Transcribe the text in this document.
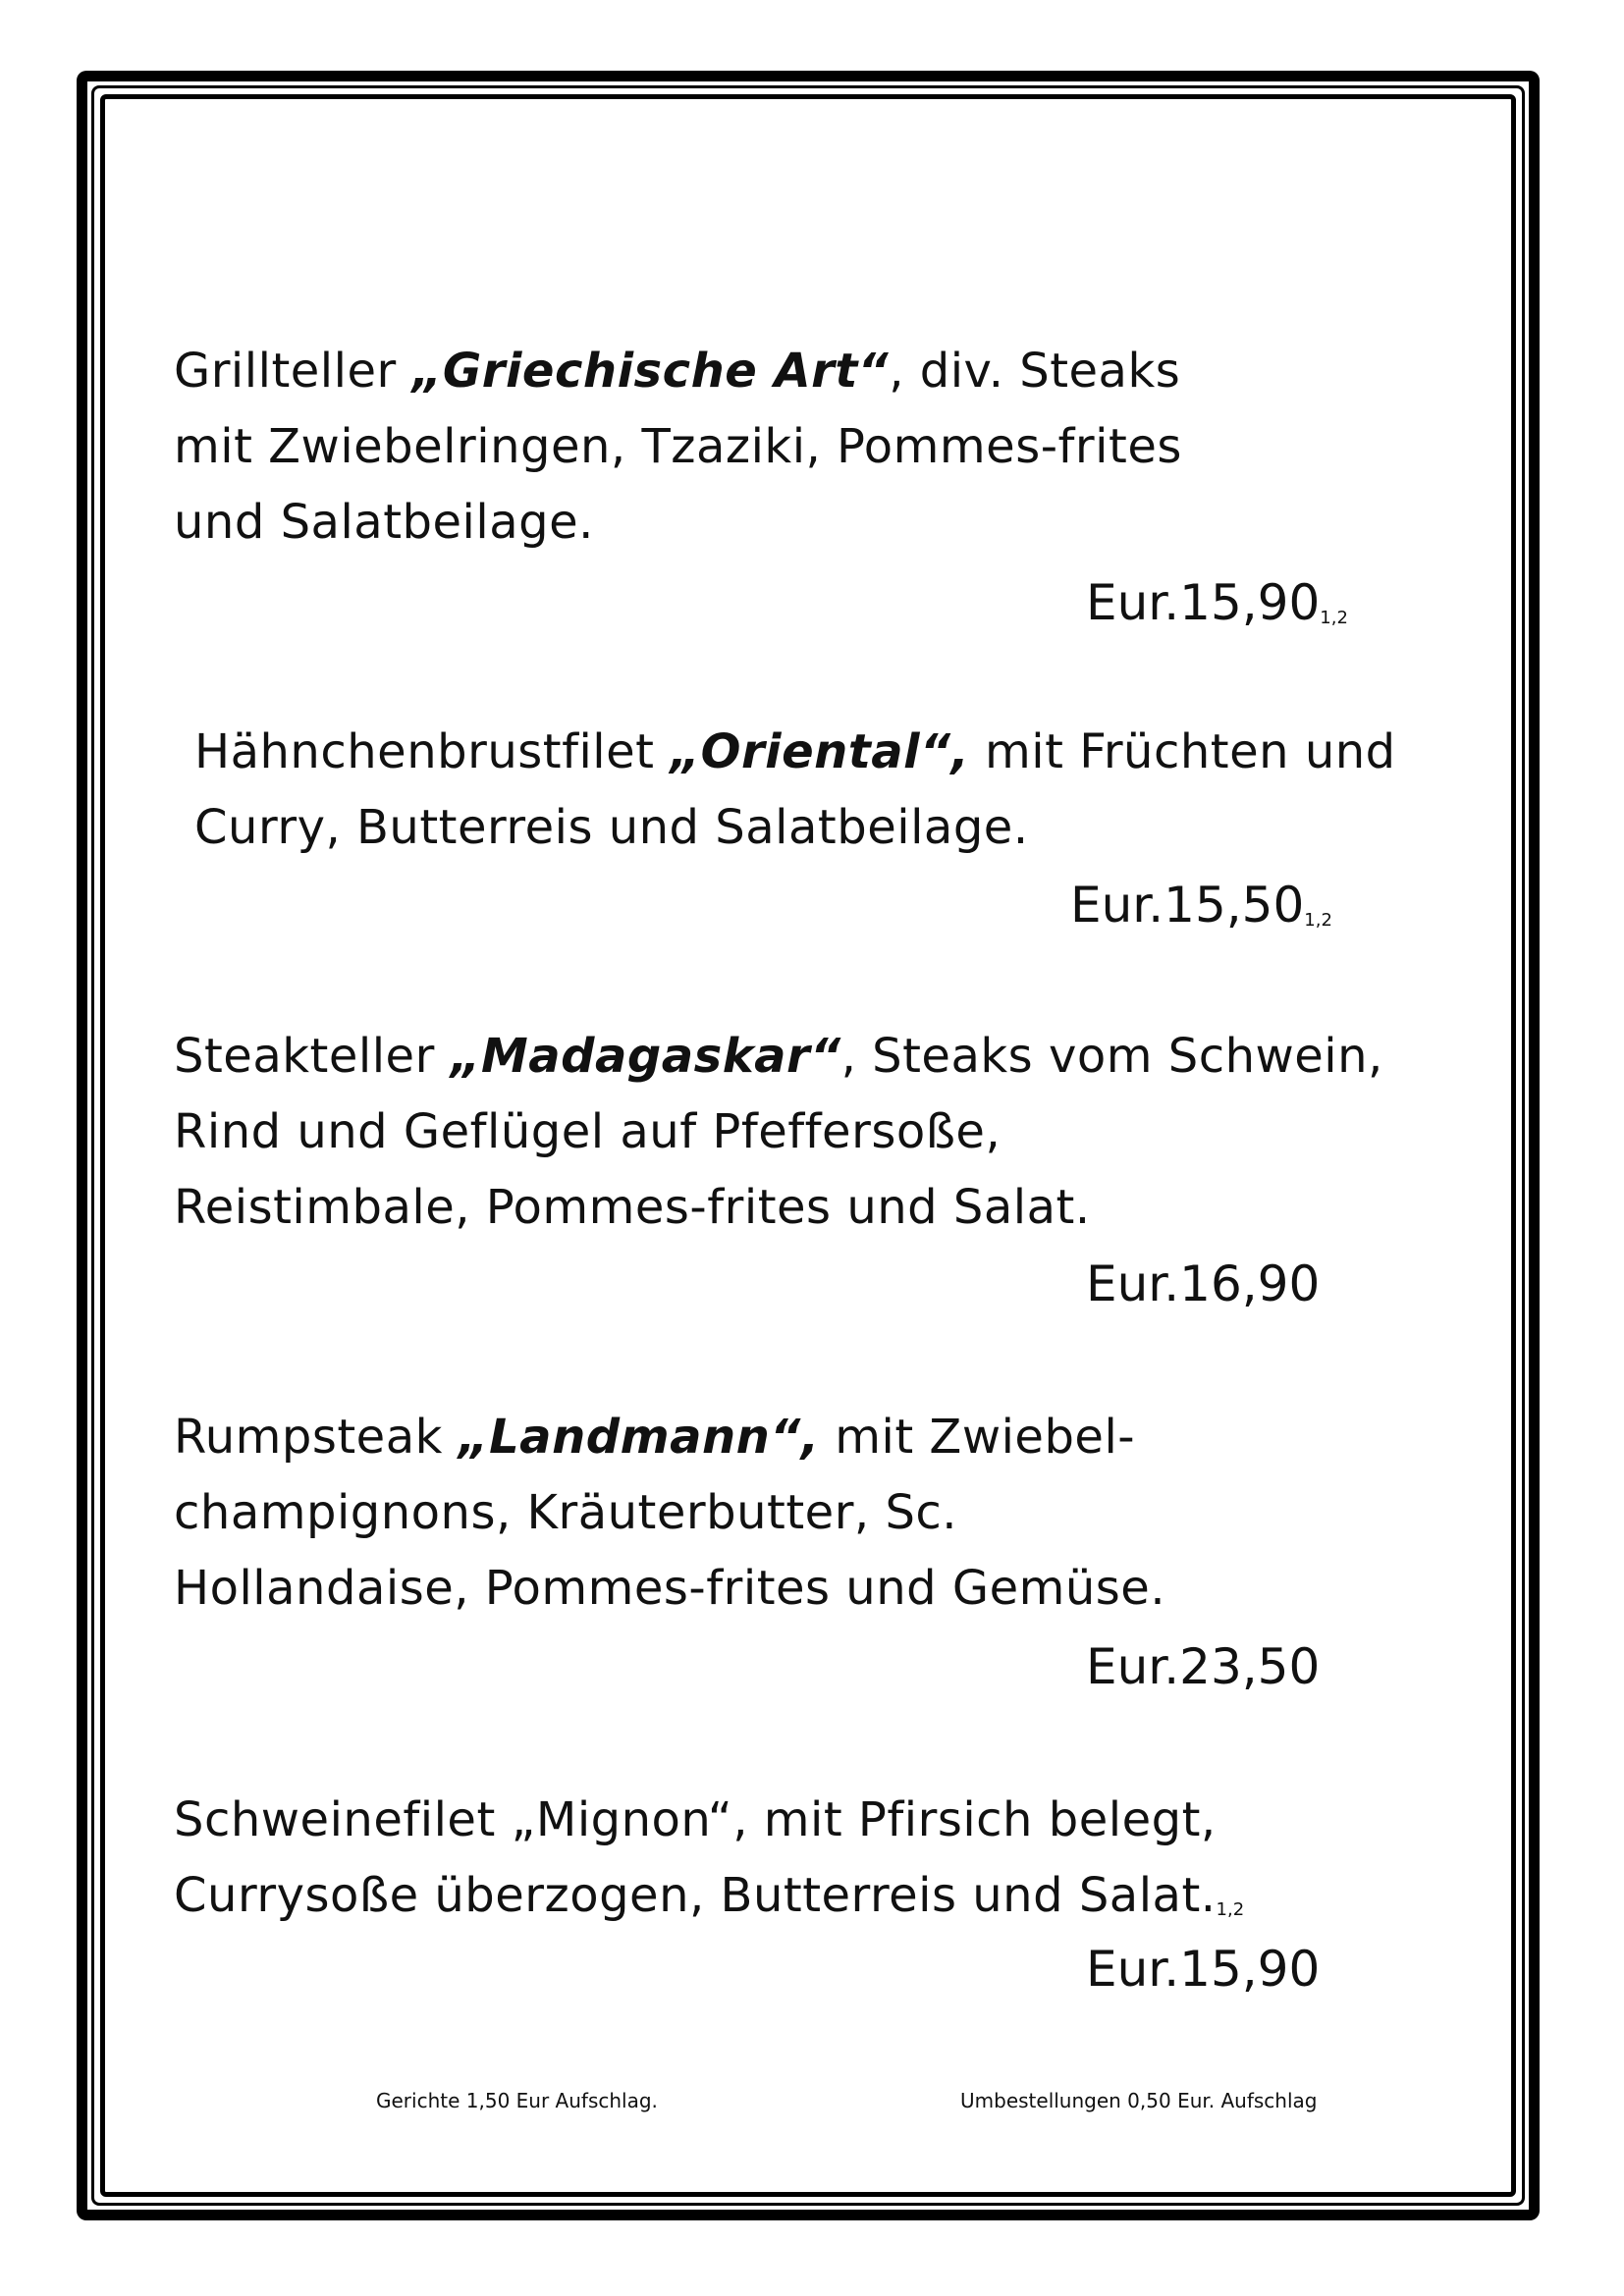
Grillteller „Griechische Art“, div. Steaks

mit Zwiebelringen, Tzaziki, Pommes-frites

und Salatbeilage.

Eur.15,901,2

Hähnchenbrustfilet „Oriental“, mit Früchten und

Curry, Butterreis und Salatbeilage.

Eur.15,501,2

Steakteller „Madagaskar“, Steaks vom Schwein,

Rind und Geflügel auf Pfeffersoße,

Reistimbale, Pommes-frites und Salat.

Eur.16,90

Rumpsteak „Landmann“, mit Zwiebel-

champignons, Kräuterbutter, Sc.

Hollandaise, Pommes-frites und Gemüse.

Eur.23,50

Schweinefilet „Mignon“, mit Pfirsich belegt,

Currysoße überzogen, Butterreis und Salat.1,2

Eur.15,90
Gerichte 1,50 Eur Aufschlag.	Umbestellungen 0,50 Eur. Aufschlag
